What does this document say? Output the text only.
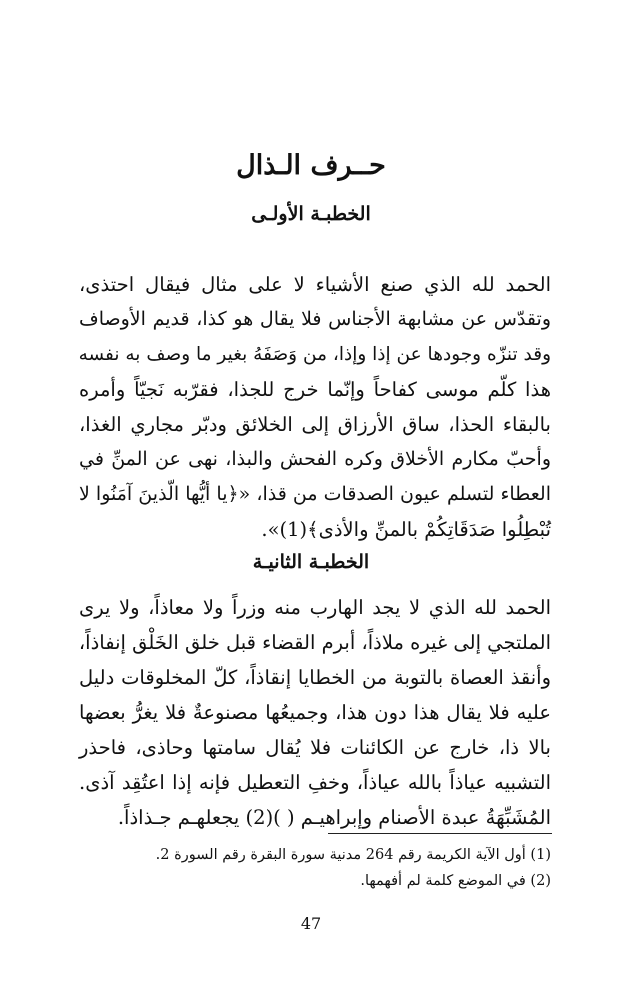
حــرف الـذال
الخطبـة الأولـى
الحمد لله الذي صنع الأشياء لا على مثال فيقال احتذى،
وتقدّس عن مشابهة الأجناس فلا يقال هو كذا، قديم الأوصاف
وقد تنزّه وجودها عن إذا وإذا، من وَصَفَهُ بغير ما وصف به نفسه
هذا كلّم موسى كفاحاً وإنّما خرج للجذا، فقرّبه نَجيّاً وأمره
بالبقاء الحذا، ساق الأرزاق إلى الخلائق ودبّر مجاري الغذا،
وأحبّ مكارم الأخلاق وكره الفحش والبذا، نهى عن المنِّ في
العطاء لتسلم عيون الصدقات من قذا، «﴿يا أيُّها الّذينَ آمَنُوا لا
تُبْطِلُوا صَدَقَاتِكُمْ بالمنِّ والأذى﴾(1)».
الخطبـة الثانيـة
الحمد لله الذي لا يجد الهارب منه وزراً ولا معاذاً، ولا يرى
الملتجي إلى غيره ملاذاً، أبرم القضاء قبل خلق الخَلْق إنفاذاً،
وأنقذ العصاة بالتوبة من الخطايا إنقاذاً، كلّ المخلوقات دليل
عليه فلا يقال هذا دون هذا، وجميعُها مصنوعةٌ فلا يغرُّ بعضها
بالا ذا، خارج عن الكائنات فلا يُقال سامتها وحاذى، فاحذر
التشبيه عياذاً بالله عياذاً، وخفِ التعطيل فإنه إذا اعتُقِد آذى.
المُشَبِّهَةُ عبدة الأصنام وإبراهيـم ( )(2) يجعلهـم جـذاذاً.
(1) أول الآية الكريمة رقم 264 مدنية سورة البقرة رقم السورة 2.
(2) في الموضع كلمة لم أفهمها.
47
